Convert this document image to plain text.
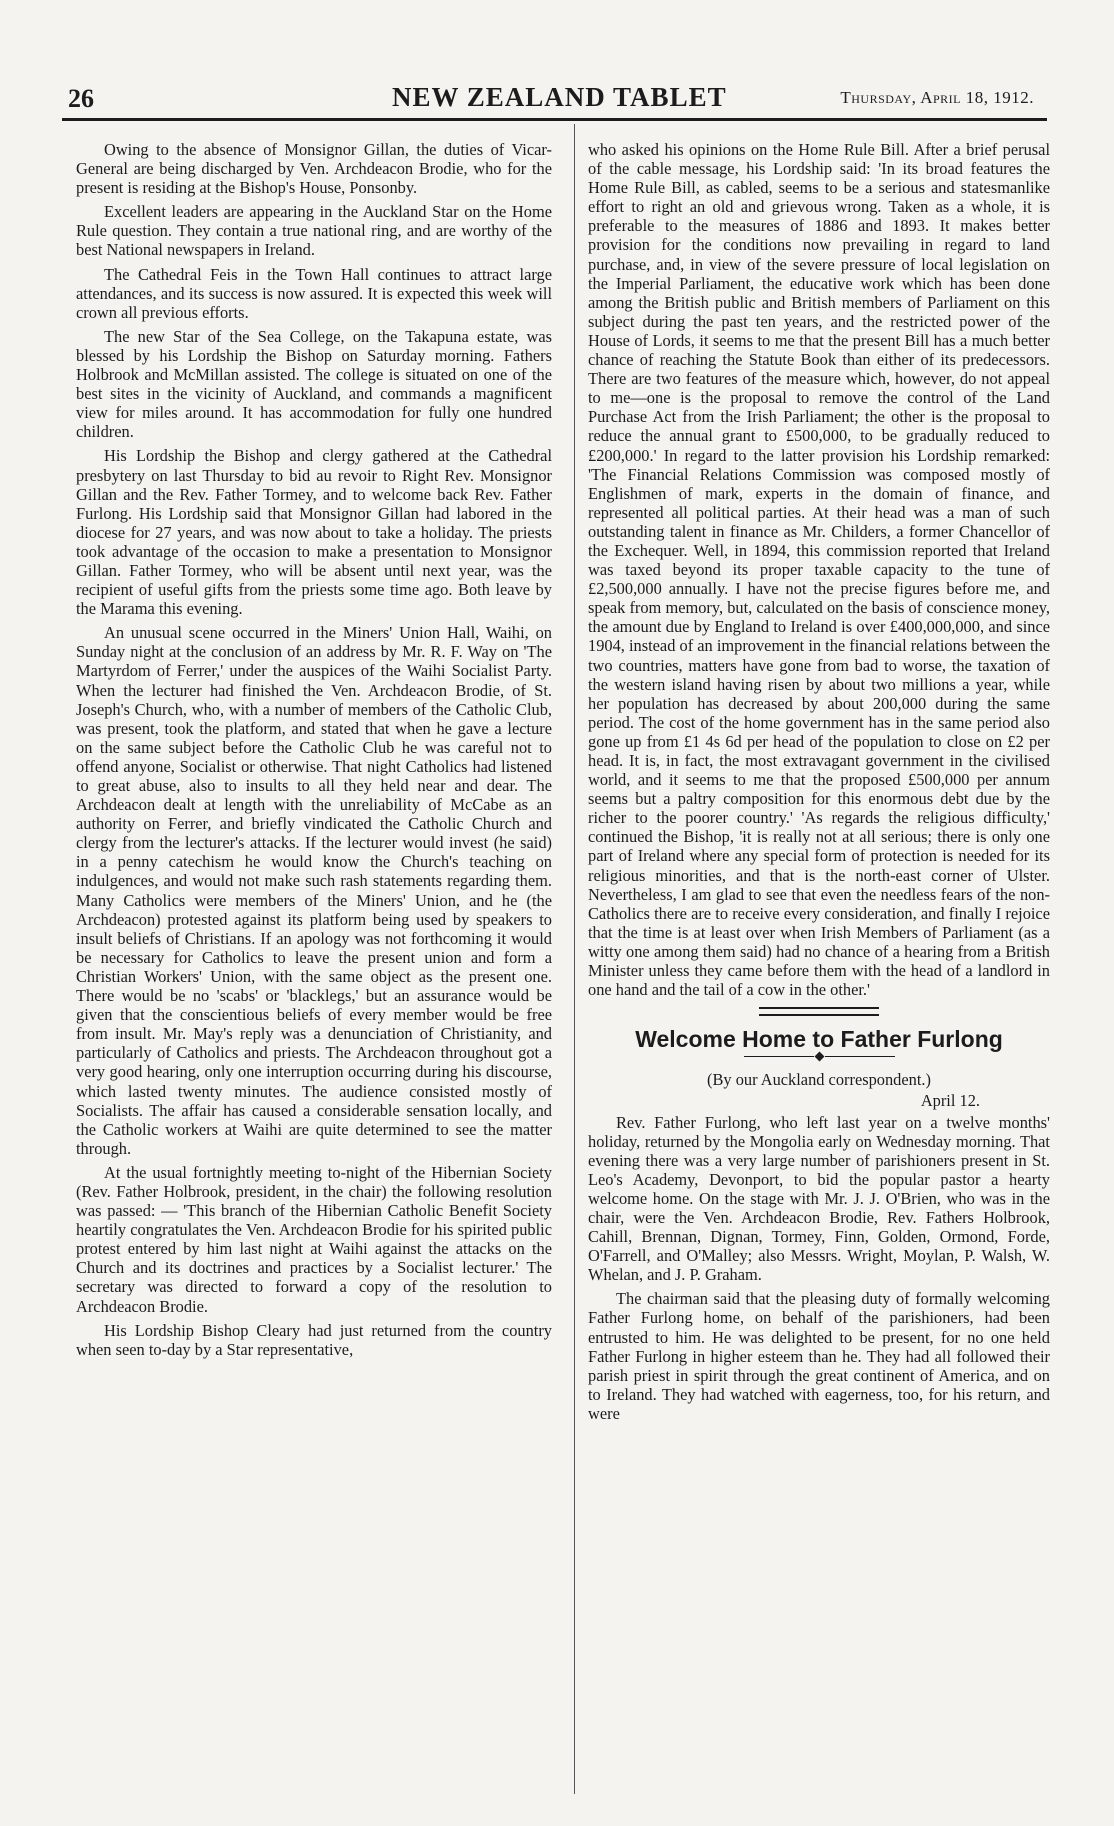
26	NEW ZEALAND TABLET	Thursday, April 18, 1912.

Owing to the absence of Monsignor Gillan, the duties of Vicar-General are being discharged by Ven. Archdeacon Brodie, who for the present is residing at the Bishop's House, Ponsonby.

Excellent leaders are appearing in the Auckland Star on the Home Rule question. They contain a true national ring, and are worthy of the best National newspapers in Ireland.

The Cathedral Feis in the Town Hall continues to attract large attendances, and its success is now assured. It is expected this week will crown all previous efforts.

The new Star of the Sea College, on the Takapuna estate, was blessed by his Lordship the Bishop on Saturday morning. Fathers Holbrook and McMillan assisted. The college is situated on one of the best sites in the vicinity of Auckland, and commands a magnificent view for miles around. It has accommodation for fully one hundred children.

His Lordship the Bishop and clergy gathered at the Cathedral presbytery on last Thursday to bid au revoir to Right Rev. Monsignor Gillan and the Rev. Father Tormey, and to welcome back Rev. Father Furlong. His Lordship said that Monsignor Gillan had labored in the diocese for 27 years, and was now about to take a holiday. The priests took advantage of the occasion to make a presentation to Monsignor Gillan. Father Tormey, who will be absent until next year, was the recipient of useful gifts from the priests some time ago. Both leave by the Marama this evening.

An unusual scene occurred in the Miners' Union Hall, Waihi, on Sunday night at the conclusion of an address by Mr. R. F. Way on 'The Martyrdom of Ferrer,' under the auspices of the Waihi Socialist Party. When the lecturer had finished the Ven. Archdeacon Brodie, of St. Joseph's Church, who, with a number of members of the Catholic Club, was present, took the platform, and stated that when he gave a lecture on the same subject before the Catholic Club he was careful not to offend anyone, Socialist or otherwise. That night Catholics had listened to great abuse, also to insults to all they held near and dear. The Archdeacon dealt at length with the unreliability of McCabe as an authority on Ferrer, and briefly vindicated the Catholic Church and clergy from the lecturer's attacks. If the lecturer would invest (he said) in a penny catechism he would know the Church's teaching on indulgences, and would not make such rash statements regarding them. Many Catholics were members of the Miners' Union, and he (the Archdeacon) protested against its platform being used by speakers to insult beliefs of Christians. If an apology was not forthcoming it would be necessary for Catholics to leave the present union and form a Christian Workers' Union, with the same object as the present one. There would be no 'scabs' or 'blacklegs,' but an assurance would be given that the conscientious beliefs of every member would be free from insult. Mr. May's reply was a denunciation of Christianity, and particularly of Catholics and priests. The Archdeacon throughout got a very good hearing, only one interruption occurring during his discourse, which lasted twenty minutes. The audience consisted mostly of Socialists. The affair has caused a considerable sensation locally, and the Catholic workers at Waihi are quite determined to see the matter through.

At the usual fortnightly meeting to-night of the Hibernian Society (Rev. Father Holbrook, president, in the chair) the following resolution was passed: — 'This branch of the Hibernian Catholic Benefit Society heartily congratulates the Ven. Archdeacon Brodie for his spirited public protest entered by him last night at Waihi against the attacks on the Church and its doctrines and practices by a Socialist lecturer.' The secretary was directed to forward a copy of the resolution to Archdeacon Brodie.

His Lordship Bishop Cleary had just returned from the country when seen to-day by a Star representative,

who asked his opinions on the Home Rule Bill. After a brief perusal of the cable message, his Lordship said: 'In its broad features the Home Rule Bill, as cabled, seems to be a serious and statesmanlike effort to right an old and grievous wrong. Taken as a whole, it is preferable to the measures of 1886 and 1893. It makes better provision for the conditions now prevailing in regard to land purchase, and, in view of the severe pressure of local legislation on the Imperial Parliament, the educative work which has been done among the British public and British members of Parliament on this subject during the past ten years, and the restricted power of the House of Lords, it seems to me that the present Bill has a much better chance of reaching the Statute Book than either of its predecessors. There are two features of the measure which, however, do not appeal to me—one is the proposal to remove the control of the Land Purchase Act from the Irish Parliament; the other is the proposal to reduce the annual grant to £500,000, to be gradually reduced to £200,000.' In regard to the latter provision his Lordship remarked: 'The Financial Relations Commission was composed mostly of Englishmen of mark, experts in the domain of finance, and represented all political parties. At their head was a man of such outstanding talent in finance as Mr. Childers, a former Chancellor of the Exchequer. Well, in 1894, this commission reported that Ireland was taxed beyond its proper taxable capacity to the tune of £2,500,000 annually. I have not the precise figures before me, and speak from memory, but, calculated on the basis of conscience money, the amount due by England to Ireland is over £400,000,000, and since 1904, instead of an improvement in the financial relations between the two countries, matters have gone from bad to worse, the taxation of the western island having risen by about two millions a year, while her population has decreased by about 200,000 during the same period. The cost of the home government has in the same period also gone up from £1 4s 6d per head of the population to close on £2 per head. It is, in fact, the most extravagant government in the civilised world, and it seems to me that the proposed £500,000 per annum seems but a paltry composition for this enormous debt due by the richer to the poorer country.' 'As regards the religious difficulty,' continued the Bishop, 'it is really not at all serious; there is only one part of Ireland where any special form of protection is needed for its religious minorities, and that is the north-east corner of Ulster. Nevertheless, I am glad to see that even the needless fears of the non-Catholics there are to receive every consideration, and finally I rejoice that the time is at least over when Irish Members of Parliament (as a witty one among them said) had no chance of a hearing from a British Minister unless they came before them with the head of a landlord in one hand and the tail of a cow in the other.'

Welcome Home to Father Furlong
(By our Auckland correspondent.)
April 12.

Rev. Father Furlong, who left last year on a twelve months' holiday, returned by the Mongolia early on Wednesday morning. That evening there was a very large number of parishioners present in St. Leo's Academy, Devonport, to bid the popular pastor a hearty welcome home. On the stage with Mr. J. J. O'Brien, who was in the chair, were the Ven. Archdeacon Brodie, Rev. Fathers Holbrook, Cahill, Brennan, Dignan, Tormey, Finn, Golden, Ormond, Forde, O'Farrell, and O'Malley; also Messrs. Wright, Moylan, P. Walsh, W. Whelan, and J. P. Graham.

The chairman said that the pleasing duty of formally welcoming Father Furlong home, on behalf of the parishioners, had been entrusted to him. He was delighted to be present, for no one held Father Furlong in higher esteem than he. They had all followed their parish priest in spirit through the great continent of America, and on to Ireland. They had watched with eagerness, too, for his return, and were
